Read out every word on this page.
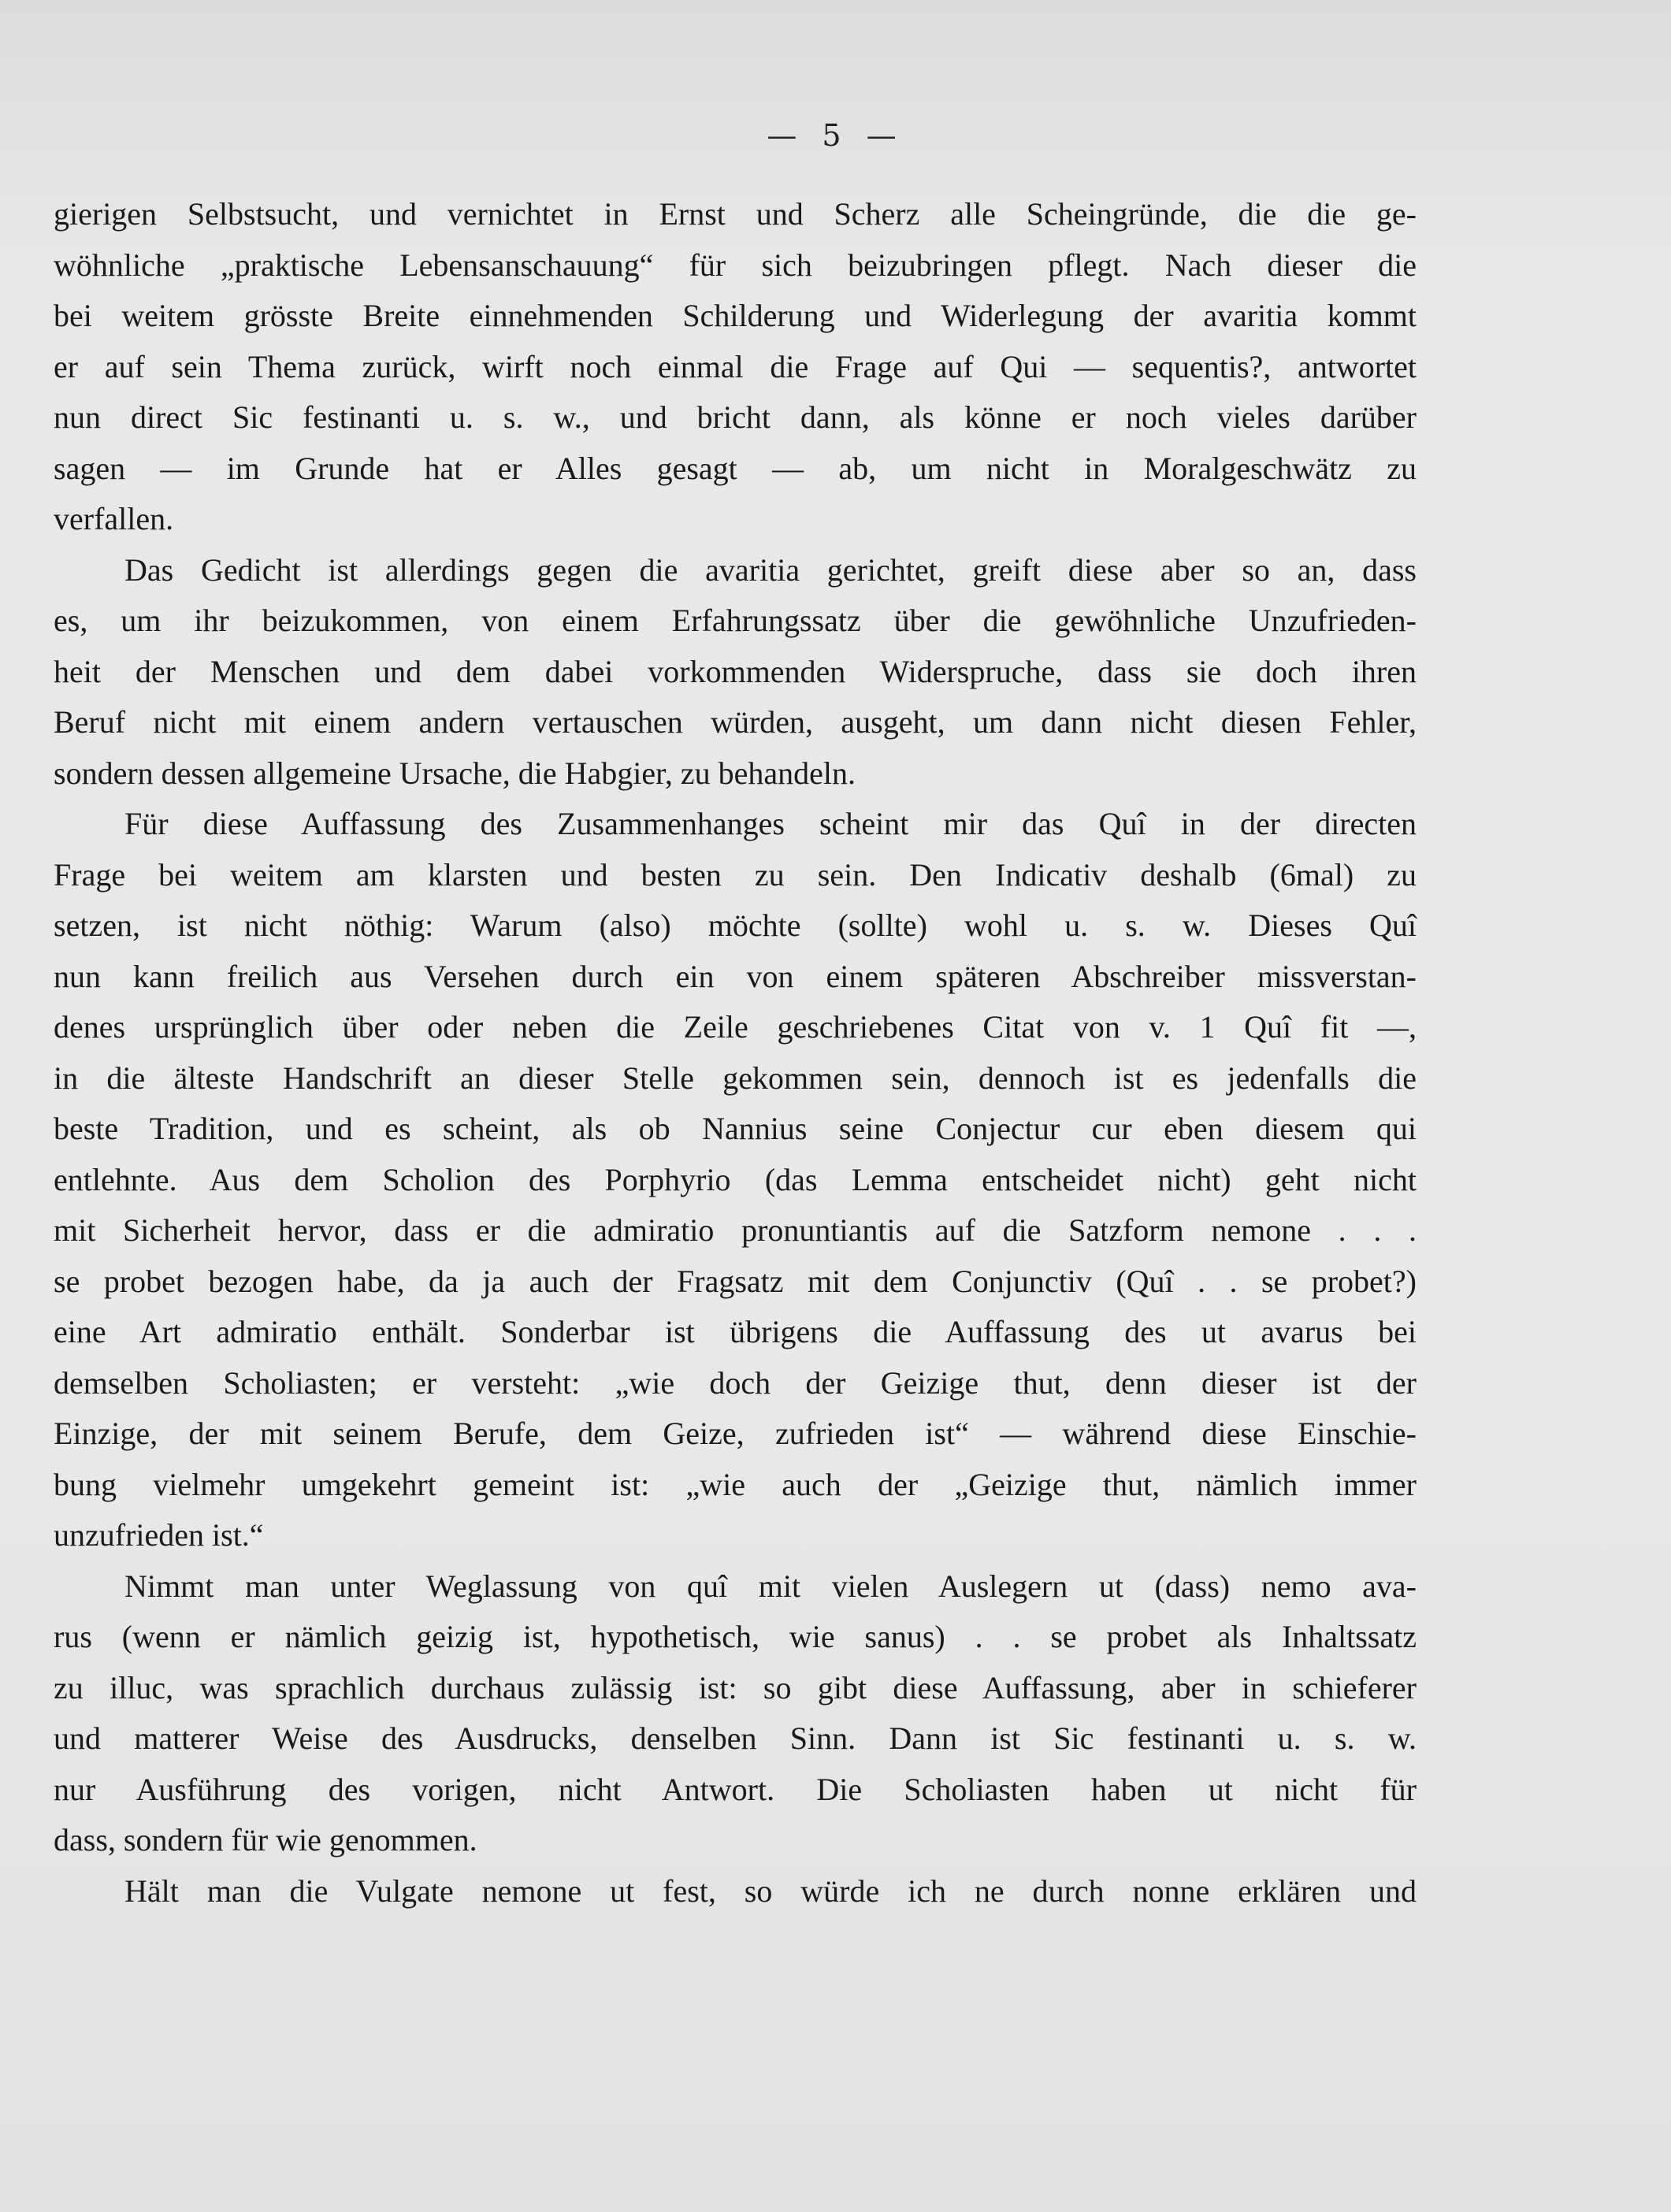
— 5 —
gierigen Selbstsucht, und vernichtet in Ernst und Scherz alle Scheingründe, die die ge-
wöhnliche „praktische Lebensanschauung“ für sich beizubringen pflegt. Nach dieser die
bei weitem grösste Breite einnehmenden Schilderung und Widerlegung der avaritia kommt
er auf sein Thema zurück, wirft noch einmal die Frage auf Qui — sequentis?, antwortet
nun direct Sic festinanti u. s. w., und bricht dann, als könne er noch vieles darüber
sagen — im Grunde hat er Alles gesagt — ab, um nicht in Moralgeschwätz zu
verfallen.
Das Gedicht ist allerdings gegen die avaritia gerichtet, greift diese aber so an, dass
es, um ihr beizukommen, von einem Erfahrungssatz über die gewöhnliche Unzufrieden-
heit der Menschen und dem dabei vorkommenden Widerspruche, dass sie doch ihren
Beruf nicht mit einem andern vertauschen würden, ausgeht, um dann nicht diesen Fehler,
sondern dessen allgemeine Ursache, die Habgier, zu behandeln.
Für diese Auffassung des Zusammenhanges scheint mir das Quî in der directen
Frage bei weitem am klarsten und besten zu sein. Den Indicativ deshalb (6mal) zu
setzen, ist nicht nöthig: Warum (also) möchte (sollte) wohl u. s. w. Dieses Quî
nun kann freilich aus Versehen durch ein von einem späteren Abschreiber missverstan-
denes ursprünglich über oder neben die Zeile geschriebenes Citat von v. 1 Quî fit —,
in die älteste Handschrift an dieser Stelle gekommen sein, dennoch ist es jedenfalls die
beste Tradition, und es scheint, als ob Nannius seine Conjectur cur eben diesem qui
entlehnte. Aus dem Scholion des Porphyrio (das Lemma entscheidet nicht) geht nicht
mit Sicherheit hervor, dass er die admiratio pronuntiantis auf die Satzform nemone . . .
se probet bezogen habe, da ja auch der Fragsatz mit dem Conjunctiv (Quî . . se probet?)
eine Art admiratio enthält. Sonderbar ist übrigens die Auffassung des ut avarus bei
demselben Scholiasten; er versteht: „wie doch der Geizige thut, denn dieser ist der
Einzige, der mit seinem Berufe, dem Geize, zufrieden ist“ — während diese Einschie-
bung vielmehr umgekehrt gemeint ist: „wie auch der „Geizige thut, nämlich immer
unzufrieden ist.“
Nimmt man unter Weglassung von quî mit vielen Auslegern ut (dass) nemo ava-
rus (wenn er nämlich geizig ist, hypothetisch, wie sanus) . . se probet als Inhaltssatz
zu illuc, was sprachlich durchaus zulässig ist: so gibt diese Auffassung, aber in schieferer
und matterer Weise des Ausdrucks, denselben Sinn. Dann ist Sic festinanti u. s. w.
nur Ausführung des vorigen, nicht Antwort. Die Scholiasten haben ut nicht für
dass, sondern für wie genommen.
Hält man die Vulgate nemone ut fest, so würde ich ne durch nonne erklären und
